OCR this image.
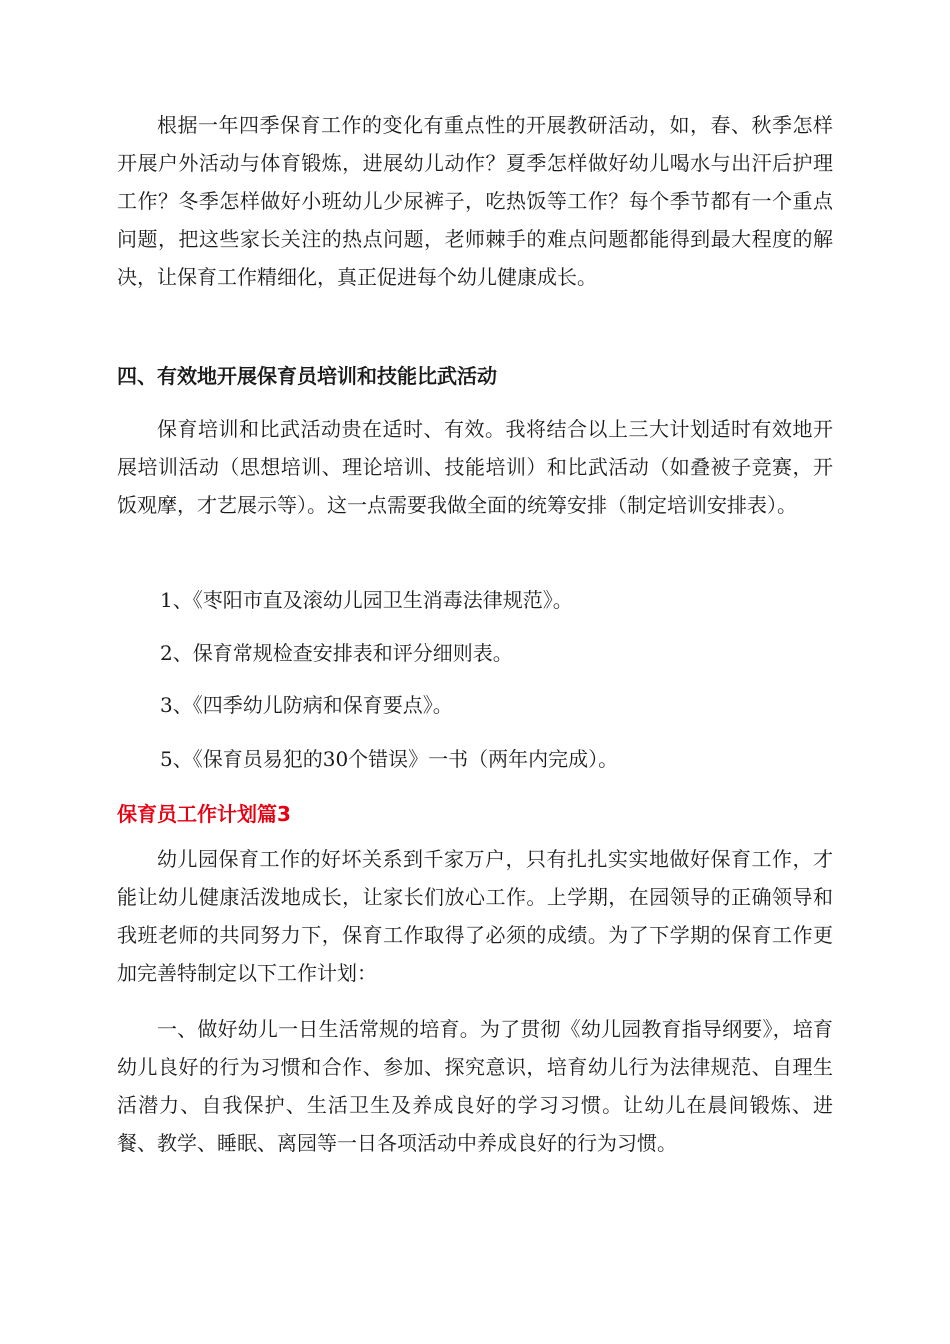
根据一年四季保育工作的变化有重点性的开展教研活动，如，春、秋季怎样开展户外活动与体育锻炼，进展幼儿动作？夏季怎样做好幼儿喝水与出汗后护理工作？冬季怎样做好小班幼儿少尿裤子，吃热饭等工作？每个季节都有一个重点问题，把这些家长关注的热点问题，老师棘手的难点问题都能得到最大程度的解决，让保育工作精细化，真正促进每个幼儿健康成长。

四、有效地开展保育员培训和技能比武活动

保育培训和比武活动贵在适时、有效。我将结合以上三大计划适时有效地开展培训活动（思想培训、理论培训、技能培训）和比武活动（如叠被子竞赛，开饭观摩，才艺展示等）。这一点需要我做全面的统筹安排（制定培训安排表）。

1、《枣阳市直及滚幼儿园卫生消毒法律规范》。

2、保育常规检查安排表和评分细则表。

3、《四季幼儿防病和保育要点》。

5、《保育员易犯的30个错误》一书（两年内完成）。

保育员工作计划篇3

幼儿园保育工作的好坏关系到千家万户，只有扎扎实实地做好保育工作，才能让幼儿健康活泼地成长，让家长们放心工作。上学期，在园领导的正确领导和我班老师的共同努力下，保育工作取得了必须的成绩。为了下学期的保育工作更加完善特制定以下工作计划：

一、做好幼儿一日生活常规的培育。为了贯彻《幼儿园教育指导纲要》，培育幼儿良好的行为习惯和合作、参加、探究意识，培育幼儿行为法律规范、自理生活潜力、自我保护、生活卫生及养成良好的学习习惯。让幼儿在晨间锻炼、进餐、教学、睡眠、离园等一日各项活动中养成良好的行为习惯。
